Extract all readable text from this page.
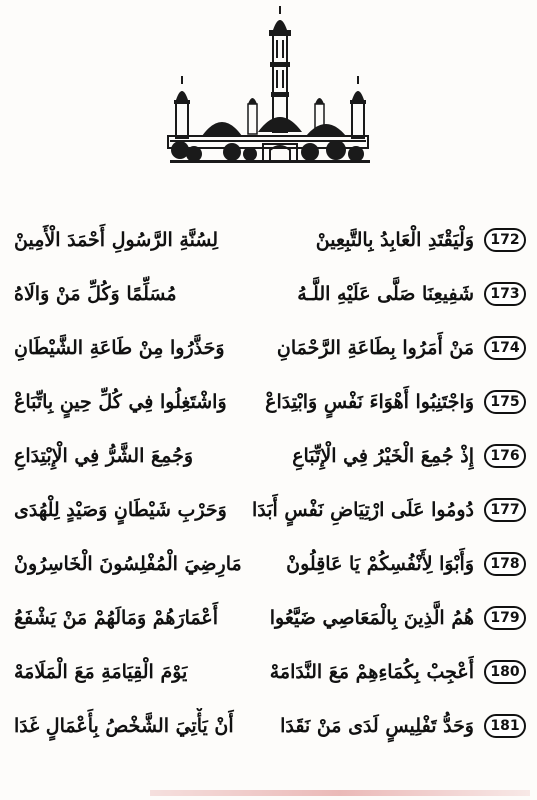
لِسُنَّةِ الرَّسُولِ أَحْمَدَ الْأَمِينْ	وَلْيَقْتَدِ الْعَابِدُ بِالتَّبِعِينْ	172
مُسَلِّمًا وَكُلِّ مَنْ وَالَاهُ	شَفِيعِنَا صَلَّى عَلَيْهِ اللَّـهُ	173
وَحَذَّرُوا مِنْ طَاعَةِ الشَّيْطَانِ	مَنْ أَمَرُوا بِطَاعَةِ الرَّحْمَانِ	174
وَاشْتَغِلُوا فِي كُلِّ حِينٍ بِاتِّبَاعْ	وَاجْتَنِبُوا أَهْوَاءَ نَفْسٍ وَابْتِدَاعْ	175
وَجُمِعَ الشَّرُّ فِي الْإِبْتِدَاعِ	إِذْ جُمِعَ الْخَيْرُ فِي الْإِتِّبَاعِ	176
وَحَرْبِ شَيْطَانٍ وَصَيْدٍ لِلْهُدَى	دُومُوا عَلَى ارْتِيَاضِ نَفْسٍ أَبَدَا	177
مَارِضِيَ الْمُفْلِسُونَ الْخَاسِرُونْ	وَأَبْوَا لِأَنْفُسِكُمْ يَا عَاقِلُونْ	178
أَعْمَارَهُمْ وَمَالَهُمْ مَنْ يَشْفَعُ	هُمُ الَّذِينَ بِالْمَعَاصِي ضَيَّعُوا	179
يَوْمَ الْقِيَامَةِ مَعَ الْمَلَامَهْ	أَعْجِبْ بِكُمَاءِهِمْ مَعَ النَّدَامَهْ	180
أَنْ يَأْتِيَ الشَّخْصُ بِأَعْمَالٍ غَدَا	وَحَدُّ تَفْلِيسٍ لَدَى مَنْ نَقَدَا	181
